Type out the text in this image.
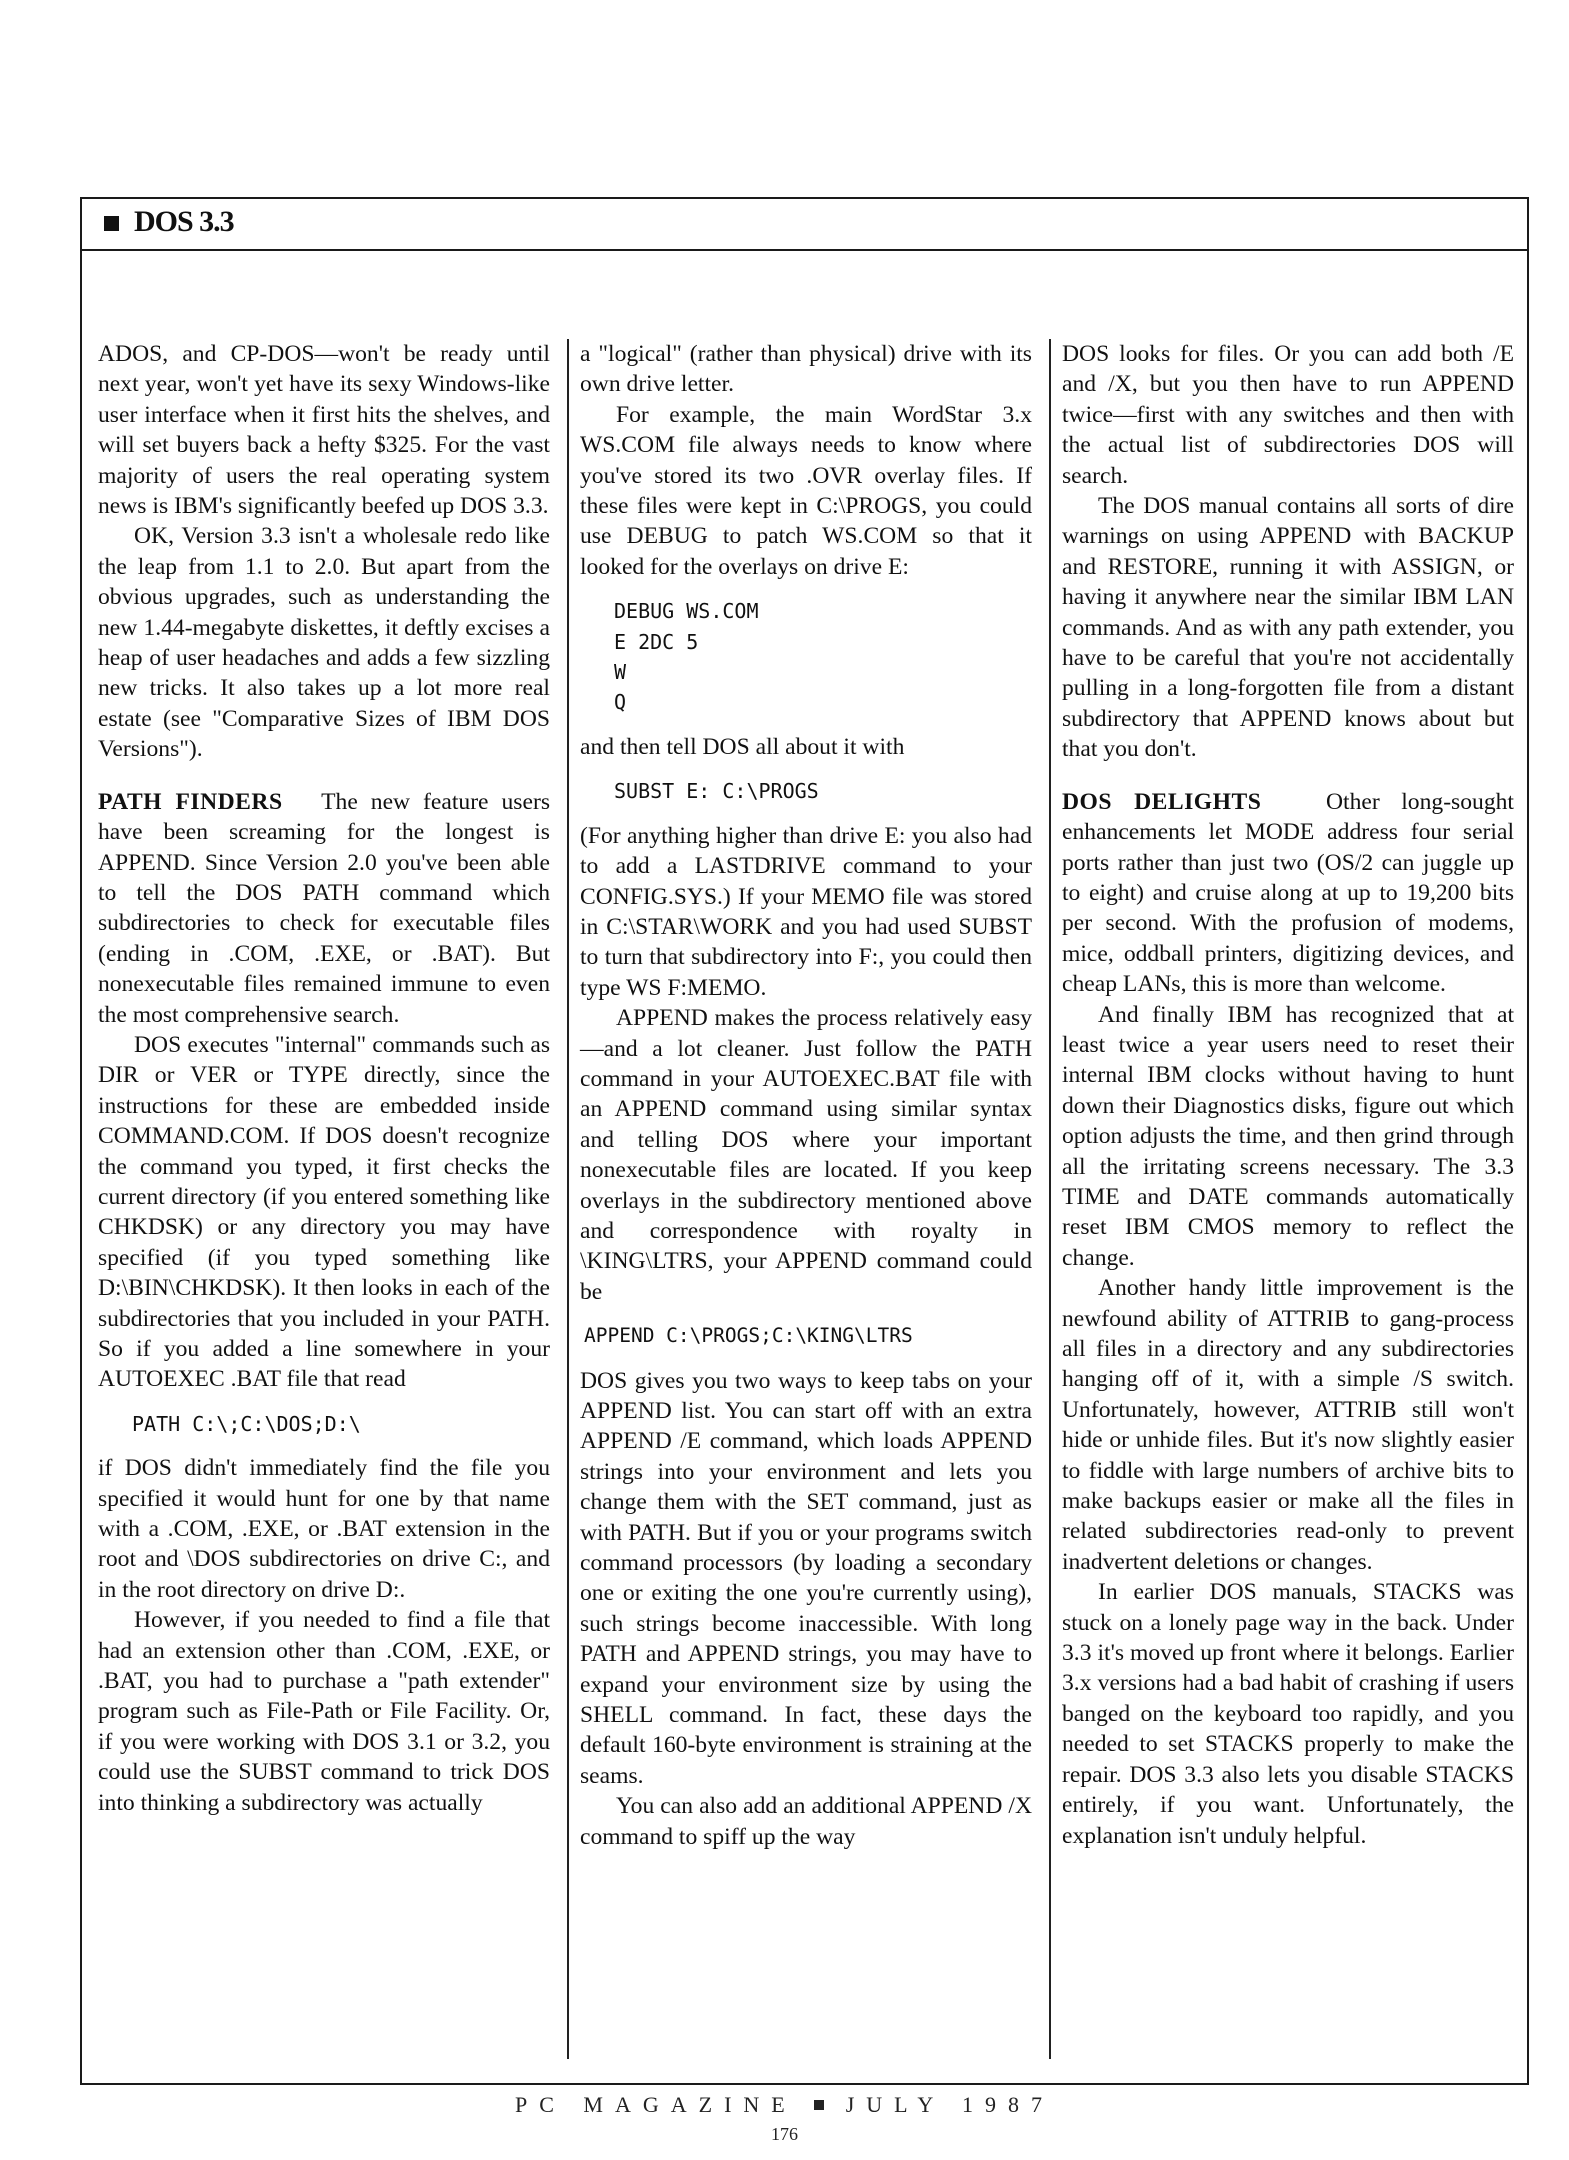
DOS 3.3

ADOS, and CP-DOS—won't be ready until next year, won't yet have its sexy Windows-like user interface when it first hits the shelves, and will set buyers back a hefty $325. For the vast majority of users the real operating system news is IBM's significantly beefed up DOS 3.3.

OK, Version 3.3 isn't a wholesale redo like the leap from 1.1 to 2.0. But apart from the obvious upgrades, such as understanding the new 1.44-megabyte diskettes, it deftly excises a heap of user headaches and adds a few sizzling new tricks. It also takes up a lot more real estate (see "Comparative Sizes of IBM DOS Versions").

PATH FINDERS The new feature users have been screaming for the longest is APPEND. Since Version 2.0 you've been able to tell the DOS PATH command which subdirectories to check for executable files (ending in .COM, .EXE, or .BAT). But nonexecutable files remained immune to even the most comprehensive search.

DOS executes "internal" commands such as DIR or VER or TYPE directly, since the instructions for these are embedded inside COMMAND.COM. If DOS doesn't recognize the command you typed, it first checks the current directory (if you entered something like CHKDSK) or any directory you may have specified (if you typed something like D:\BIN\CHKDSK). It then looks in each of the subdirectories that you included in your PATH. So if you added a line somewhere in your AUTOEXEC .BAT file that read

PATH C:\;C:\DOS;D:\

if DOS didn't immediately find the file you specified it would hunt for one by that name with a .COM, .EXE, or .BAT extension in the root and \DOS subdirectories on drive C:, and in the root directory on drive D:.

However, if you needed to find a file that had an extension other than .COM, .EXE, or .BAT, you had to purchase a "path extender" program such as File-Path or File Facility. Or, if you were working with DOS 3.1 or 3.2, you could use the SUBST command to trick DOS into thinking a subdirectory was actually

a "logical" (rather than physical) drive with its own drive letter.

For example, the main WordStar 3.x WS.COM file always needs to know where you've stored its two .OVR overlay files. If these files were kept in C:\PROGS, you could use DEBUG to patch WS.COM so that it looked for the overlays on drive E:

DEBUG WS.COM
E 2DC 5
W
Q

and then tell DOS all about it with

SUBST E: C:\PROGS

(For anything higher than drive E: you also had to add a LASTDRIVE command to your CONFIG.SYS.) If your MEMO file was stored in C:\STAR\WORK and you had used SUBST to turn that subdirectory into F:, you could then type WS F:MEMO.

APPEND makes the process relatively easy—and a lot cleaner. Just follow the PATH command in your AUTOEXEC.BAT file with an APPEND command using similar syntax and telling DOS where your important nonexecutable files are located. If you keep overlays in the subdirectory mentioned above and correspondence with royalty in \KING\LTRS, your APPEND command could be

APPEND C:\PROGS;C:\KING\LTRS

DOS gives you two ways to keep tabs on your APPEND list. You can start off with an extra APPEND /E command, which loads APPEND strings into your environment and lets you change them with the SET command, just as with PATH. But if you or your programs switch command processors (by loading a secondary one or exiting the one you're currently using), such strings become inaccessible. With long PATH and APPEND strings, you may have to expand your environment size by using the SHELL command. In fact, these days the default 160-byte environment is straining at the seams.

You can also add an additional APPEND /X command to spiff up the way

DOS looks for files. Or you can add both /E and /X, but you then have to run APPEND twice—first with any switches and then with the actual list of subdirectories DOS will search.

The DOS manual contains all sorts of dire warnings on using APPEND with BACKUP and RESTORE, running it with ASSIGN, or having it anywhere near the similar IBM LAN commands. And as with any path extender, you have to be careful that you're not accidentally pulling in a long-forgotten file from a distant subdirectory that APPEND knows about but that you don't.

DOS DELIGHTS	Other long-sought enhancements let MODE address four serial ports rather than just two (OS/2 can juggle up to eight) and cruise along at up to 19,200 bits per second. With the profusion of modems, mice, oddball printers, digitizing devices, and cheap LANs, this is more than welcome.

And finally IBM has recognized that at least twice a year users need to reset their internal IBM clocks without having to hunt down their Diagnostics disks, figure out which option adjusts the time, and then grind through all the irritating screens necessary. The 3.3 TIME and DATE commands automatically reset IBM CMOS memory to reflect the change.

Another handy little improvement is the newfound ability of ATTRIB to gang-process all files in a directory and any subdirectories hanging off of it, with a simple /S switch. Unfortunately, however, ATTRIB still won't hide or unhide files. But it's now slightly easier to fiddle with large numbers of archive bits to make backups easier or make all the files in related subdirectories read-only to prevent inadvertent deletions or changes.

In earlier DOS manuals, STACKS was stuck on a lonely page way in the back. Under 3.3 it's moved up front where it belongs. Earlier 3.x versions had a bad habit of crashing if users banged on the keyboard too rapidly, and you needed to set STACKS properly to make the repair. DOS 3.3 also lets you disable STACKS entirely, if you want. Unfortunately, the explanation isn't unduly helpful.

PC MAGAZINE JULY 1987
176
